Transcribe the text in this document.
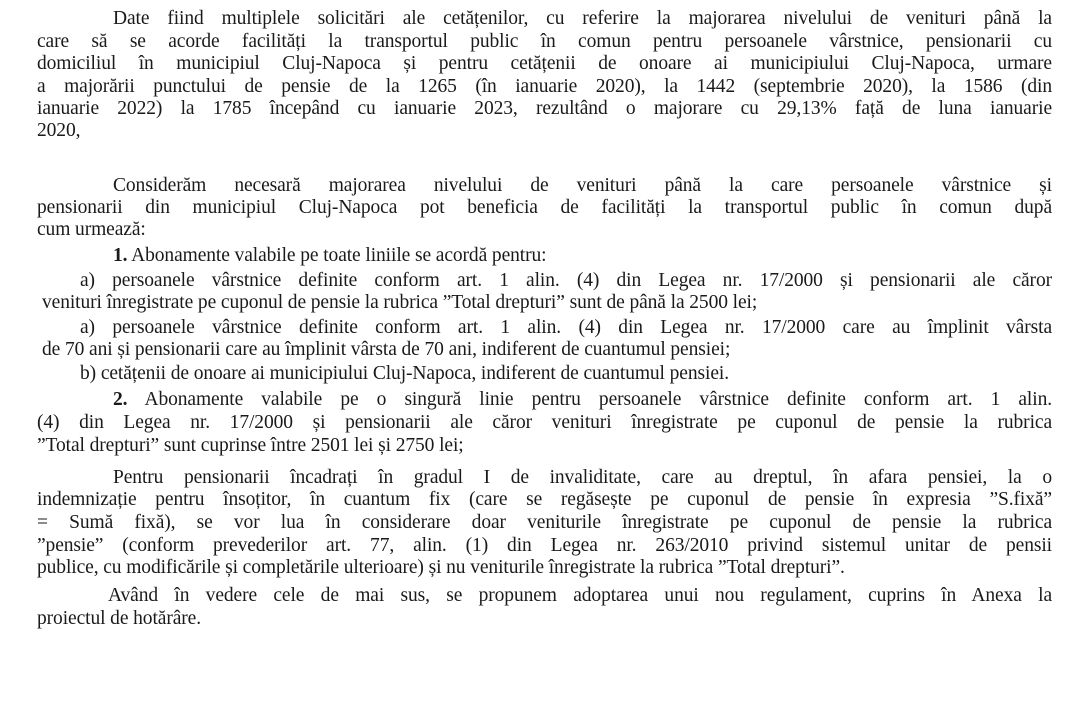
Date fiind multiplele solicitări ale cetățenilor, cu referire la majorarea nivelului de venituri până la
care să se acorde facilități la transportul public în comun pentru persoanele vârstnice, pensionarii cu
domiciliul în municipiul Cluj-Napoca și pentru cetățenii de onoare ai municipiului Cluj-Napoca, urmare
a majorării punctului de pensie de la 1265 (în ianuarie 2020), la 1442 (septembrie 2020), la 1586 (din
ianuarie 2022) la 1785 începând cu ianuarie 2023, rezultând o majorare cu 29,13% față de luna ianuarie
2020,
Considerăm necesară majorarea nivelului de venituri până la care persoanele vârstnice și
pensionarii din municipiul Cluj-Napoca pot beneficia de facilități la transportul public în comun după
cum urmează:
1. Abonamente valabile pe toate liniile se acordă pentru:
a) persoanele vârstnice definite conform art. 1 alin. (4) din Legea nr. 17/2000 și pensionarii ale căror
venituri înregistrate pe cuponul de pensie la rubrica ”Total drepturi” sunt de până la 2500 lei;
a) persoanele vârstnice definite conform art. 1 alin. (4) din Legea nr. 17/2000 care au împlinit vârsta
de 70 ani și pensionarii care au împlinit vârsta de 70 ani, indiferent de cuantumul pensiei;
b) cetățenii de onoare ai municipiului Cluj-Napoca, indiferent de cuantumul pensiei.
2. Abonamente valabile pe o singură linie pentru persoanele vârstnice definite conform art. 1 alin.
(4) din Legea nr. 17/2000 și pensionarii ale căror venituri înregistrate pe cuponul de pensie la rubrica
”Total drepturi” sunt cuprinse între 2501 lei și 2750 lei;
Pentru pensionarii încadrați în gradul I de invaliditate, care au dreptul, în afara pensiei, la o
indemnizație pentru însoțitor, în cuantum fix (care se regăsește pe cuponul de pensie în expresia ”S.fixă”
= Sumă fixă), se vor lua în considerare doar veniturile înregistrate pe cuponul de pensie la rubrica
”pensie” (conform prevederilor art. 77, alin. (1) din Legea nr. 263/2010 privind sistemul unitar de pensii
publice, cu modificările și completările ulterioare) și nu veniturile înregistrate la rubrica ”Total drepturi”.
Având în vedere cele de mai sus, se propunem adoptarea unui nou regulament, cuprins în Anexa la
proiectul de hotărâre.
